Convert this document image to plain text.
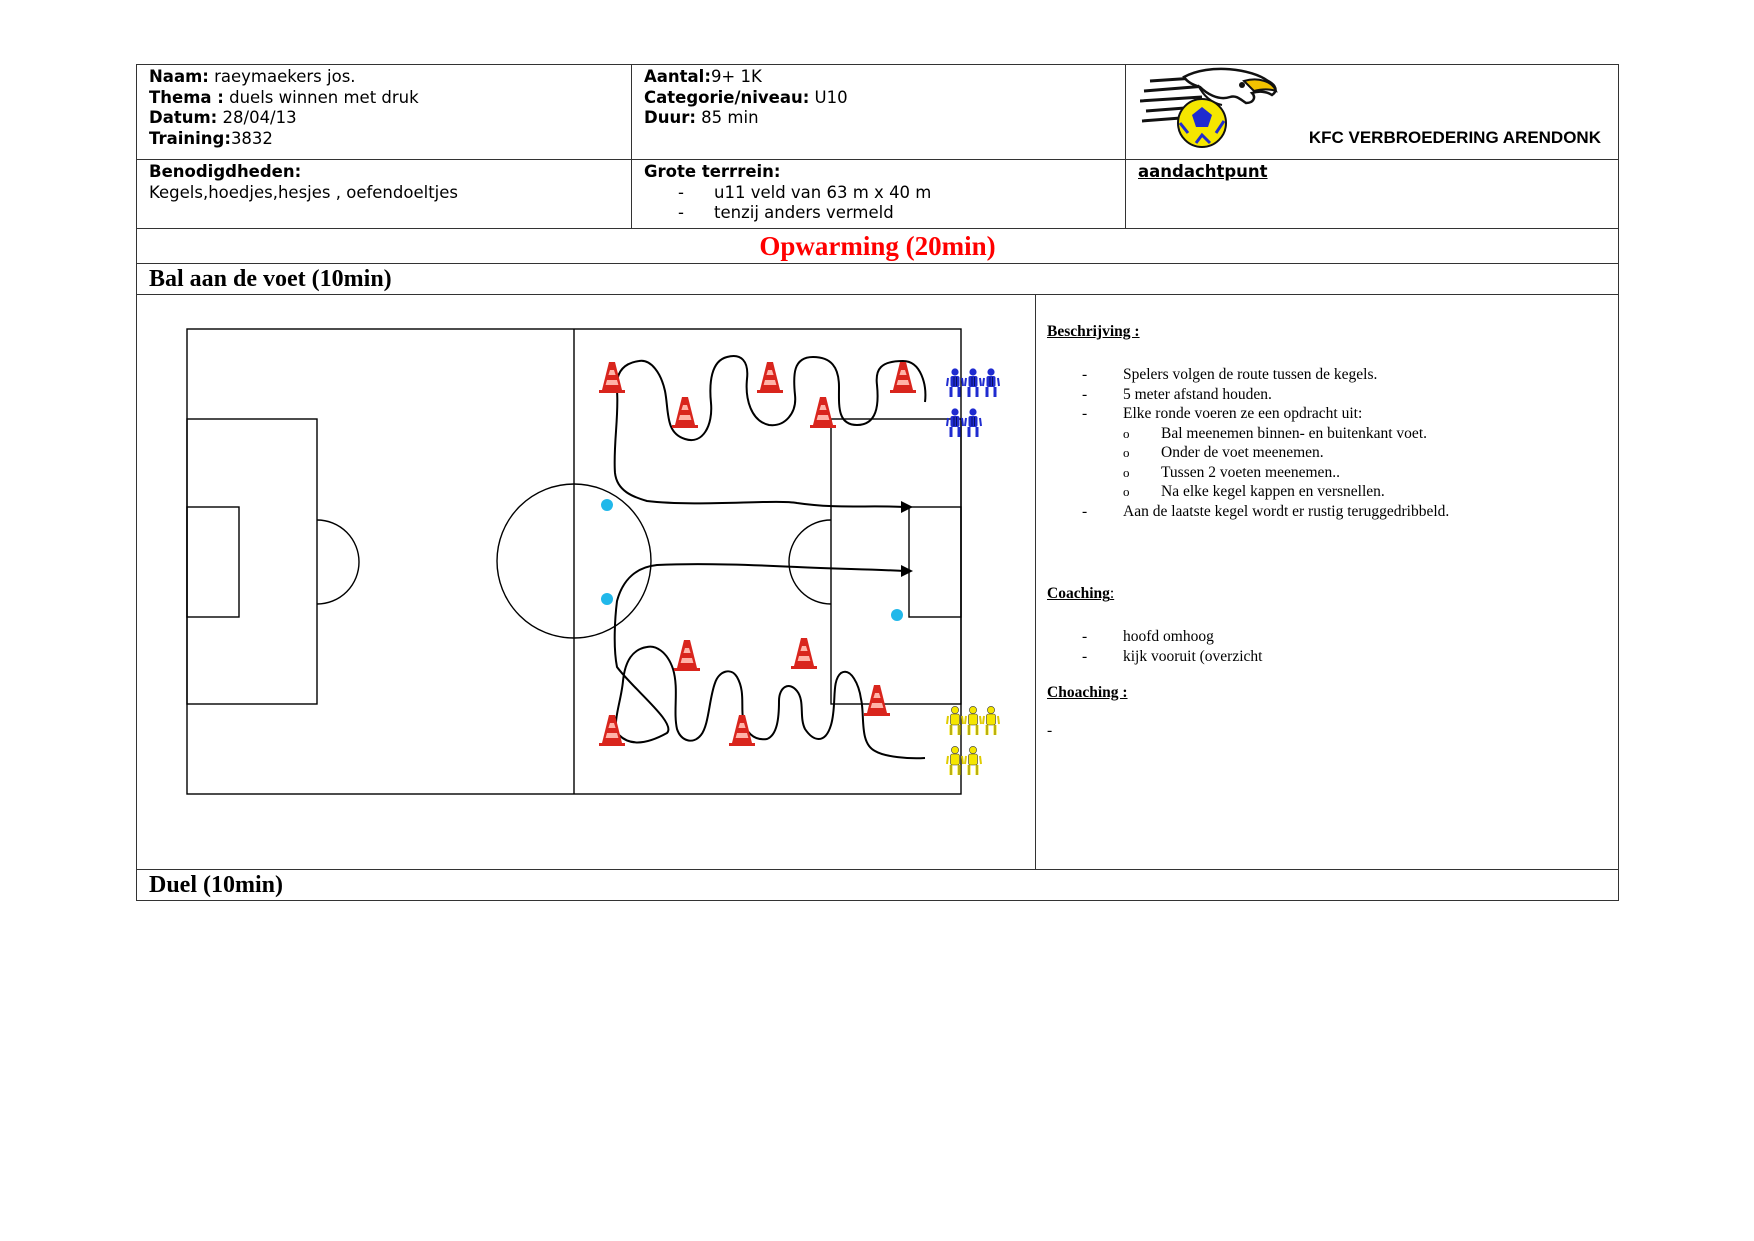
Naam: raeymaekers jos.
Thema : duels winnen met druk
Datum: 28/04/13
Training:3832
Aantal:9+ 1K
Categorie/niveau: U10
Duur: 85 min
KFC VERBROEDERING ARENDONK
Benodigdheden:
Kegels,hoedjes,hesjes , oefendoeltjes
Grote terrrein:
-	u11 veld van 63 m x 40 m
-	tenzij anders vermeld
aandachtpunt
Opwarming (20min)
Bal aan de voet (10min)

Beschrijving :

-	Spelers volgen de route tussen de kegels.
-	5 meter afstand houden.
-	Elke ronde voeren ze een opdracht uit:
o	Bal meenemen binnen- en buitenkant voet.
o	Onder de voet meenemen.
o	Tussen 2 voeten meenemen..
o	Na elke kegel kappen en versnellen.
-	Aan de laatste kegel wordt er rustig teruggedribbeld.

Coaching:

-	hoofd omhoog
-	kijk vooruit (overzicht

Choaching :

-
Duel (10min)
